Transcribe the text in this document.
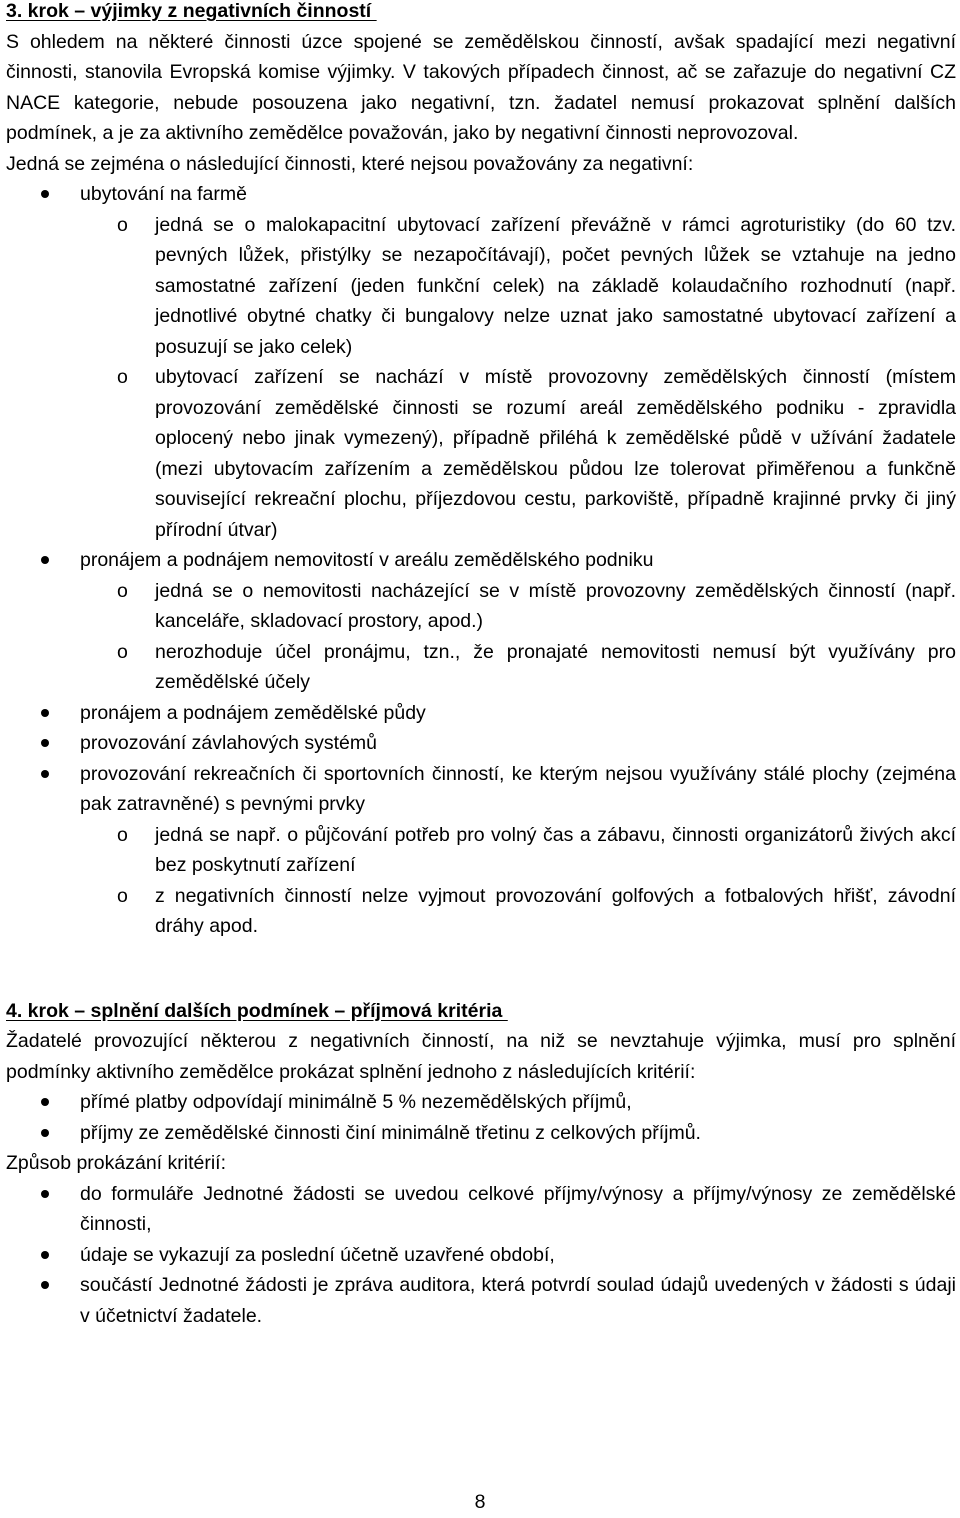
3. krok – výjimky z negativních činností

S ohledem na některé činnosti úzce spojené se zemědělskou činností, avšak spadající mezi negativní činnosti, stanovila Evropská komise výjimky. V takových případech činnost, ač se zařazuje do negativní CZ NACE kategorie, nebude posouzena jako negativní, tzn. žadatel nemusí prokazovat splnění dalších podmínek, a je za aktivního zemědělce považován, jako by negativní činnosti neprovozoval.

Jedná se zejména o následující činnosti, které nejsou považovány za negativní:

ubytování na farmě
o jedná se o malokapacitní ubytovací zařízení převážně v rámci agroturistiky (do 60 tzv. pevných lůžek, přistýlky se nezapočítávají), počet pevných lůžek se vztahuje na jedno samostatné zařízení (jeden funkční celek) na základě kolaudačního rozhodnutí (např. jednotlivé obytné chatky či bungalovy nelze uznat jako samostatné ubytovací zařízení a posuzují se jako celek)
o ubytovací zařízení se nachází v místě provozovny zemědělských činností (místem provozování zemědělské činnosti se rozumí areál zemědělského podniku - zpravidla oplocený nebo jinak vymezený), případně přiléhá k zemědělské půdě v užívání žadatele (mezi ubytovacím zařízením a zemědělskou půdou lze tolerovat přiměřenou a funkčně související rekreační plochu, příjezdovou cestu, parkoviště, případně krajinné prvky či jiný přírodní útvar)
pronájem a podnájem nemovitostí v areálu zemědělského podniku
o jedná se o nemovitosti nacházející se v místě provozovny zemědělských činností (např. kanceláře, skladovací prostory, apod.)
o nerozhoduje účel pronájmu, tzn., že pronajaté nemovitosti nemusí být využívány pro zemědělské účely
pronájem a podnájem zemědělské půdy
provozování závlahových systémů
provozování rekreačních či sportovních činností, ke kterým nejsou využívány stálé plochy (zejména pak zatravněné) s pevnými prvky
o jedná se např. o půjčování potřeb pro volný čas a zábavu, činnosti organizátorů živých akcí bez poskytnutí zařízení
o z negativních činností nelze vyjmout provozování golfových a fotbalových hřišť, závodní dráhy apod.

4. krok – splnění dalších podmínek – příjmová kritéria

Žadatelé provozující některou z negativních činností, na niž se nevztahuje výjimka, musí pro splnění podmínky aktivního zemědělce prokázat splnění jednoho z následujících kritérií:

přímé platby odpovídají minimálně 5 % nezemědělských příjmů,
příjmy ze zemědělské činnosti činí minimálně třetinu z celkových příjmů.

Způsob prokázání kritérií:

do formuláře Jednotné žádosti se uvedou celkové příjmy/výnosy a příjmy/výnosy ze zemědělské činnosti,
údaje se vykazují za poslední účetně uzavřené období,
součástí Jednotné žádosti je zpráva auditora, která potvrdí soulad údajů uvedených v žádosti s údaji v účetnictví žadatele.
8
